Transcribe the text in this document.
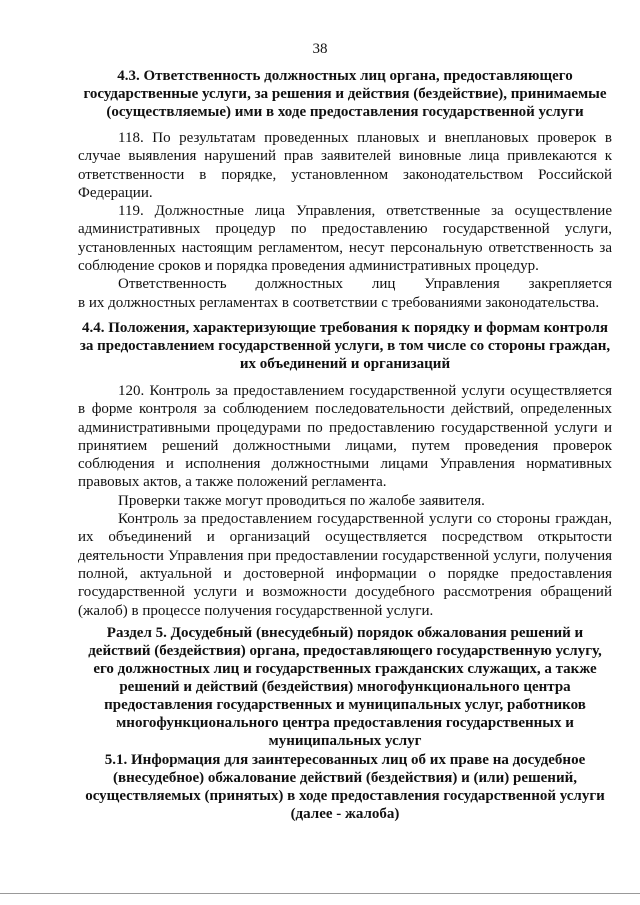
38
4.3. Ответственность должностных лиц органа, предоставляющего государственные услуги, за решения и действия (бездействие), принимаемые (осуществляемые) ими в ходе предоставления государственной услуги

118. По результатам проведенных плановых и внеплановых проверок в случае выявления нарушений прав заявителей виновные лица привлекаются к ответственности в порядке, установленном законодательством Российской Федерации.

119. Должностные лица Управления, ответственные за осуществление административных процедур по предоставлению государственной услуги, установленных настоящим регламентом, несут персональную ответственность за соблюдение сроков и порядка проведения административных процедур.

Ответственность должностных лиц Управления закрепляется

в их должностных регламентах в соответствии с требованиями законодательства.

4.4. Положения, характеризующие требования к порядку и формам контроля за предоставлением государственной услуги, в том числе со стороны граждан, их объединений и организаций

120. Контроль за предоставлением государственной услуги осуществляется в форме контроля за соблюдением последовательности действий, определенных административными процедурами по предоставлению государственной услуги и принятием решений должностными лицами, путем проведения проверок соблюдения и исполнения должностными лицами Управления нормативных правовых актов, а также положений регламента.

Проверки также могут проводиться по жалобе заявителя.

Контроль за предоставлением государственной услуги со стороны граждан, их объединений и организаций осуществляется посредством открытости деятельности Управления при предоставлении государственной услуги, получения полной, актуальной и достоверной информации о порядке предоставления государственной услуги и возможности досудебного рассмотрения обращений (жалоб) в процессе получения государственной услуги.

Раздел 5. Досудебный (внесудебный) порядок обжалования решений и действий (бездействия) органа, предоставляющего государственную услугу, его должностных лиц и государственных гражданских служащих, а также решений и действий (бездействия) многофункционального центра предоставления государственных и муниципальных услуг, работников многофункционального центра предоставления государственных и муниципальных услуг
5.1. Информация для заинтересованных лиц об их праве на досудебное (внесудебное) обжалование действий (бездействия) и (или) решений, осуществляемых (принятых) в ходе предоставления государственной услуги (далее - жалоба)
